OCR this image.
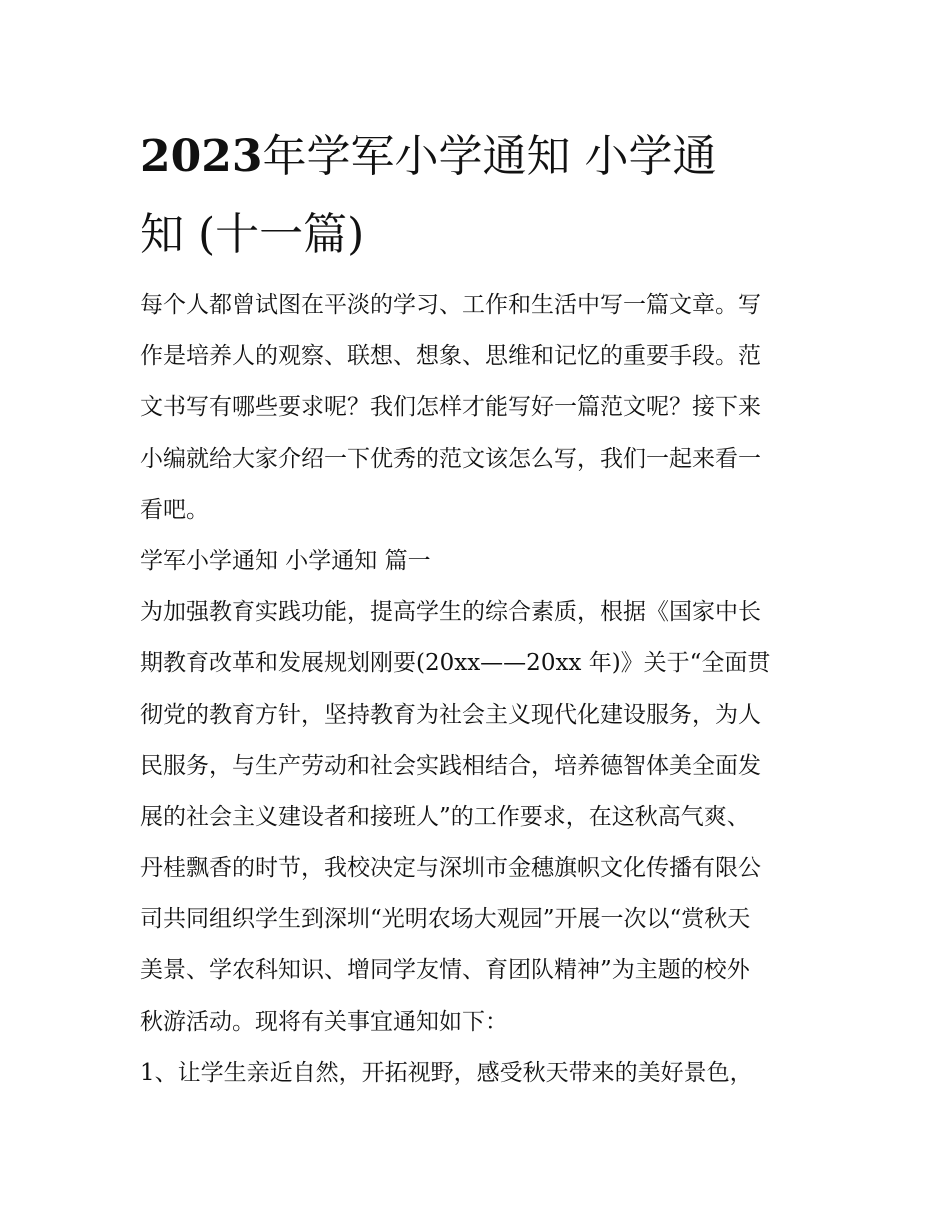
2023年学军小学通知 小学通
知 (十一篇)
每个人都曾试图在平淡的学习、工作和生活中写一篇文章。写
作是培养人的观察、联想、想象、思维和记忆的重要手段。范
文书写有哪些要求呢？我们怎样才能写好一篇范文呢？接下来
小编就给大家介绍一下优秀的范文该怎么写，我们一起来看一
看吧。
学军小学通知 小学通知 篇一
为加强教育实践功能，提高学生的综合素质，根据《国家中长
期教育改革和发展规划刚要(20xx——20xx 年)》关于“全面贯
彻党的教育方针，坚持教育为社会主义现代化建设服务，为人
民服务，与生产劳动和社会实践相结合，培养德智体美全面发
展的社会主义建设者和接班人”的工作要求，在这秋高气爽、
丹桂飘香的时节，我校决定与深圳市金穗旗帜文化传播有限公
司共同组织学生到深圳“光明农场大观园”开展一次以“赏秋天
美景、学农科知识、增同学友情、育团队精神”为主题的校外
秋游活动。现将有关事宜通知如下：
1、让学生亲近自然，开拓视野，感受秋天带来的美好景色，
